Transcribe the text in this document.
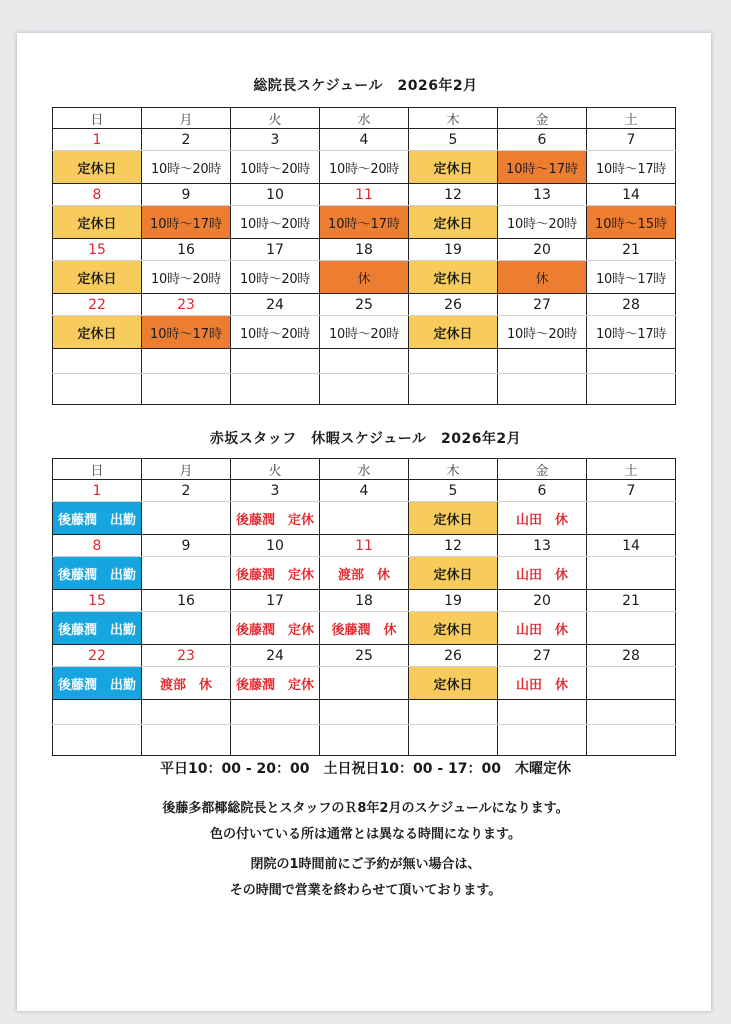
総院長スケジュール　2026年2月
日	月	火	水	木	金	土
1	2	3	4	5	6	7
定休日	10時～20時	10時～20時	10時～20時	定休日	10時～17時	10時～17時
8	9	10	11	12	13	14
定休日	10時～17時	10時～20時	10時～17時	定休日	10時～20時	10時～15時
15	16	17	18	19	20	21
定休日	10時～20時	10時～20時	休	定休日	休	10時～17時
22	23	24	25	26	27	28
定休日	10時～17時	10時～20時	10時～20時	定休日	10時～20時	10時～17時

赤坂スタッフ　休暇スケジュール　2026年2月
日	月	火	水	木	金	土
1	2	3	4	5	6	7
後藤潤　出勤		後藤潤　定休		定休日	山田　休	
8	9	10	11	12	13	14
後藤潤　出勤		後藤潤　定休	渡部　休	定休日	山田　休	
15	16	17	18	19	20	21
後藤潤　出勤		後藤潤　定休	後藤潤　休	定休日	山田　休	
22	23	24	25	26	27	28
後藤潤　出勤	渡部　休	後藤潤　定休		定休日	山田　休	

平日10：00 - 20：00　土日祝日10：00 - 17：00　木曜定休
後藤多都椰総院長とスタッフのＲ8年2月のスケジュールになります。
色の付いている所は通常とは異なる時間になります。
閉院の1時間前にご予約が無い場合は、
その時間で営業を終わらせて頂いております。
